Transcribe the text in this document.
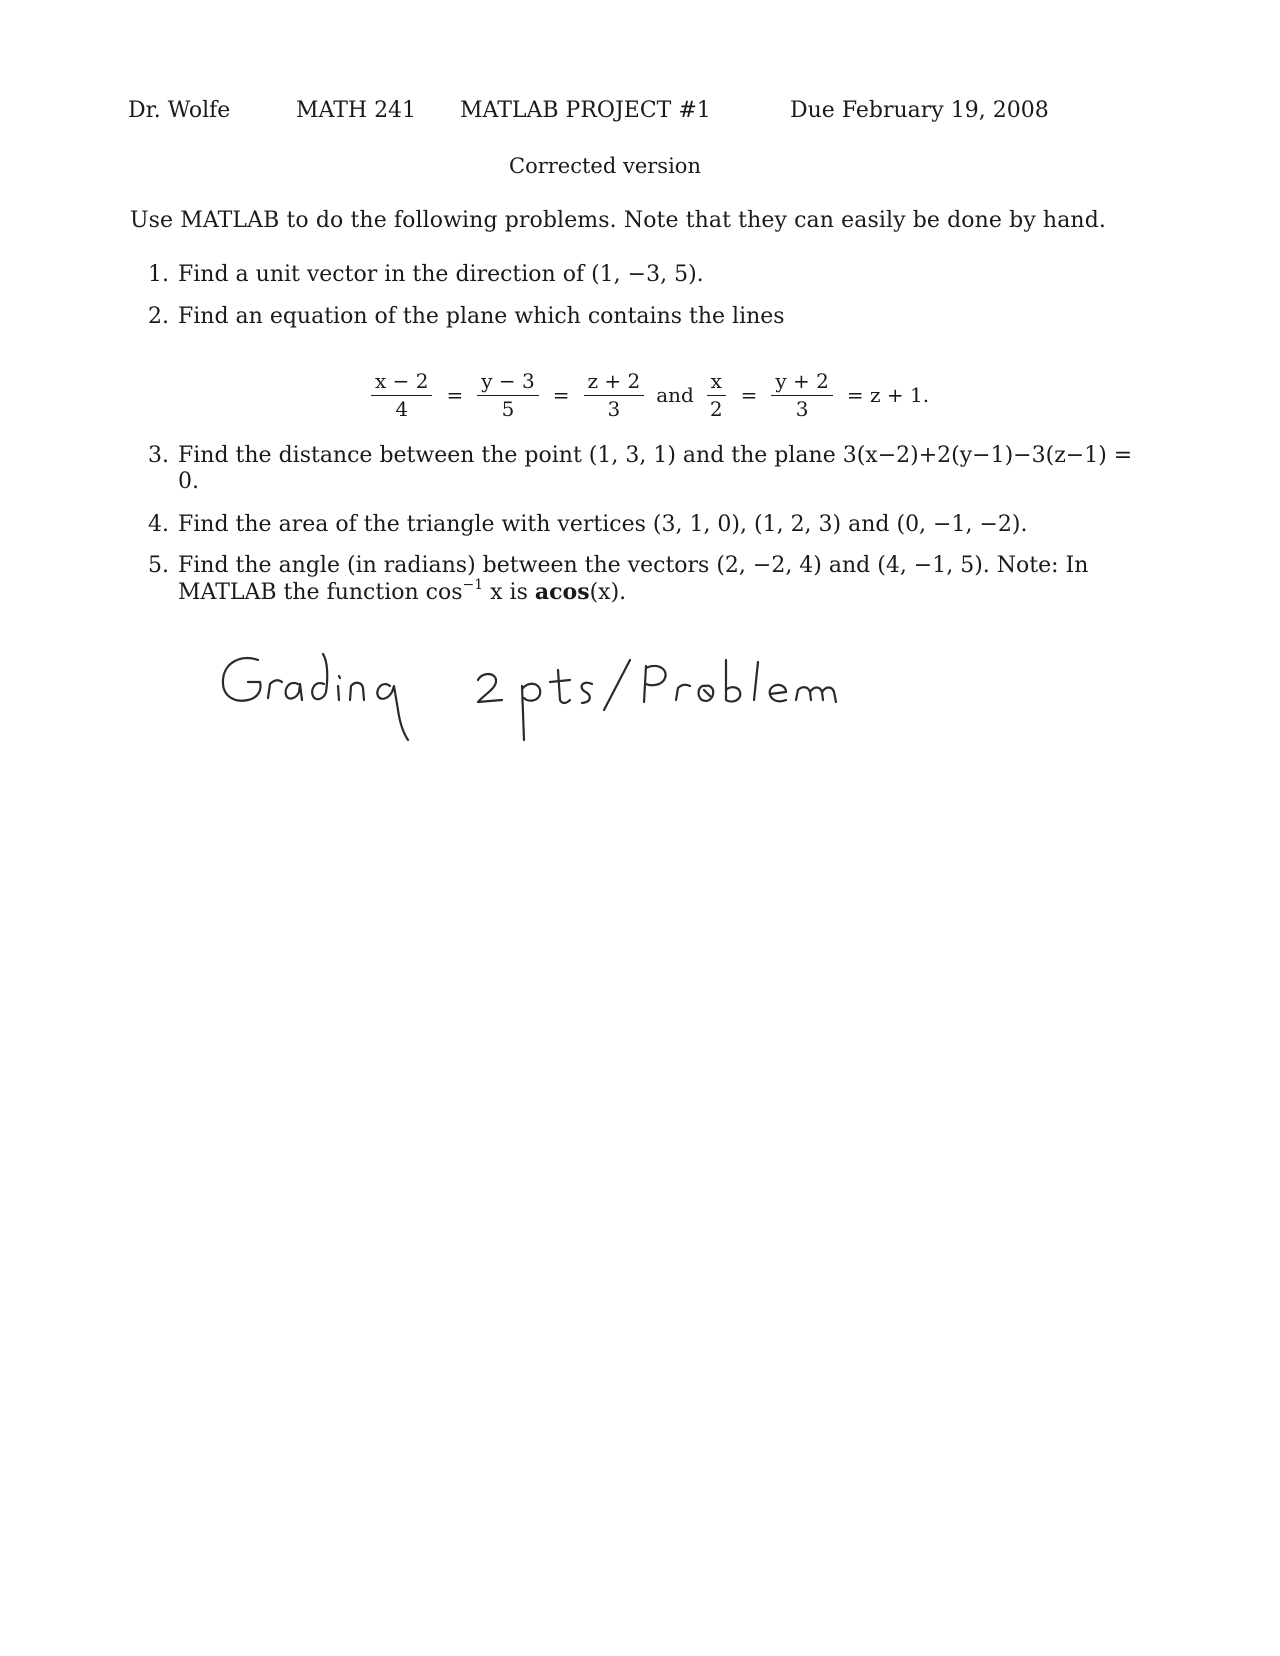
Dr. Wolfe	MATH 241 MATLAB PROJECT #1	Due February 19, 2008
Corrected version
Use MATLAB to do the following problems. Note that they can easily be done by hand.
1. Find a unit vector in the direction of (1, −3, 5).
2. Find an equation of the plane which contains the lines
$\frac{x - 2}{4} = \frac{y - 3}{5} = \frac{z + 2}{3}$ and $\frac{x}{2} = \frac{y + 2}{3} = z + 1$.
3. Find the distance between the point (1, 3, 1) and the plane 3(x−2)+2(y−1)−3(z−1) =
0.
4. Find the area of the triangle with vertices (3, 1, 0), (1, 2, 3) and (0, −1, −2).
5. Find the angle (in radians) between the vectors (2, −2, 4) and (4, −1, 5). Note: In
MATLAB the function $\cos^{-1} x$ is acos(x).
